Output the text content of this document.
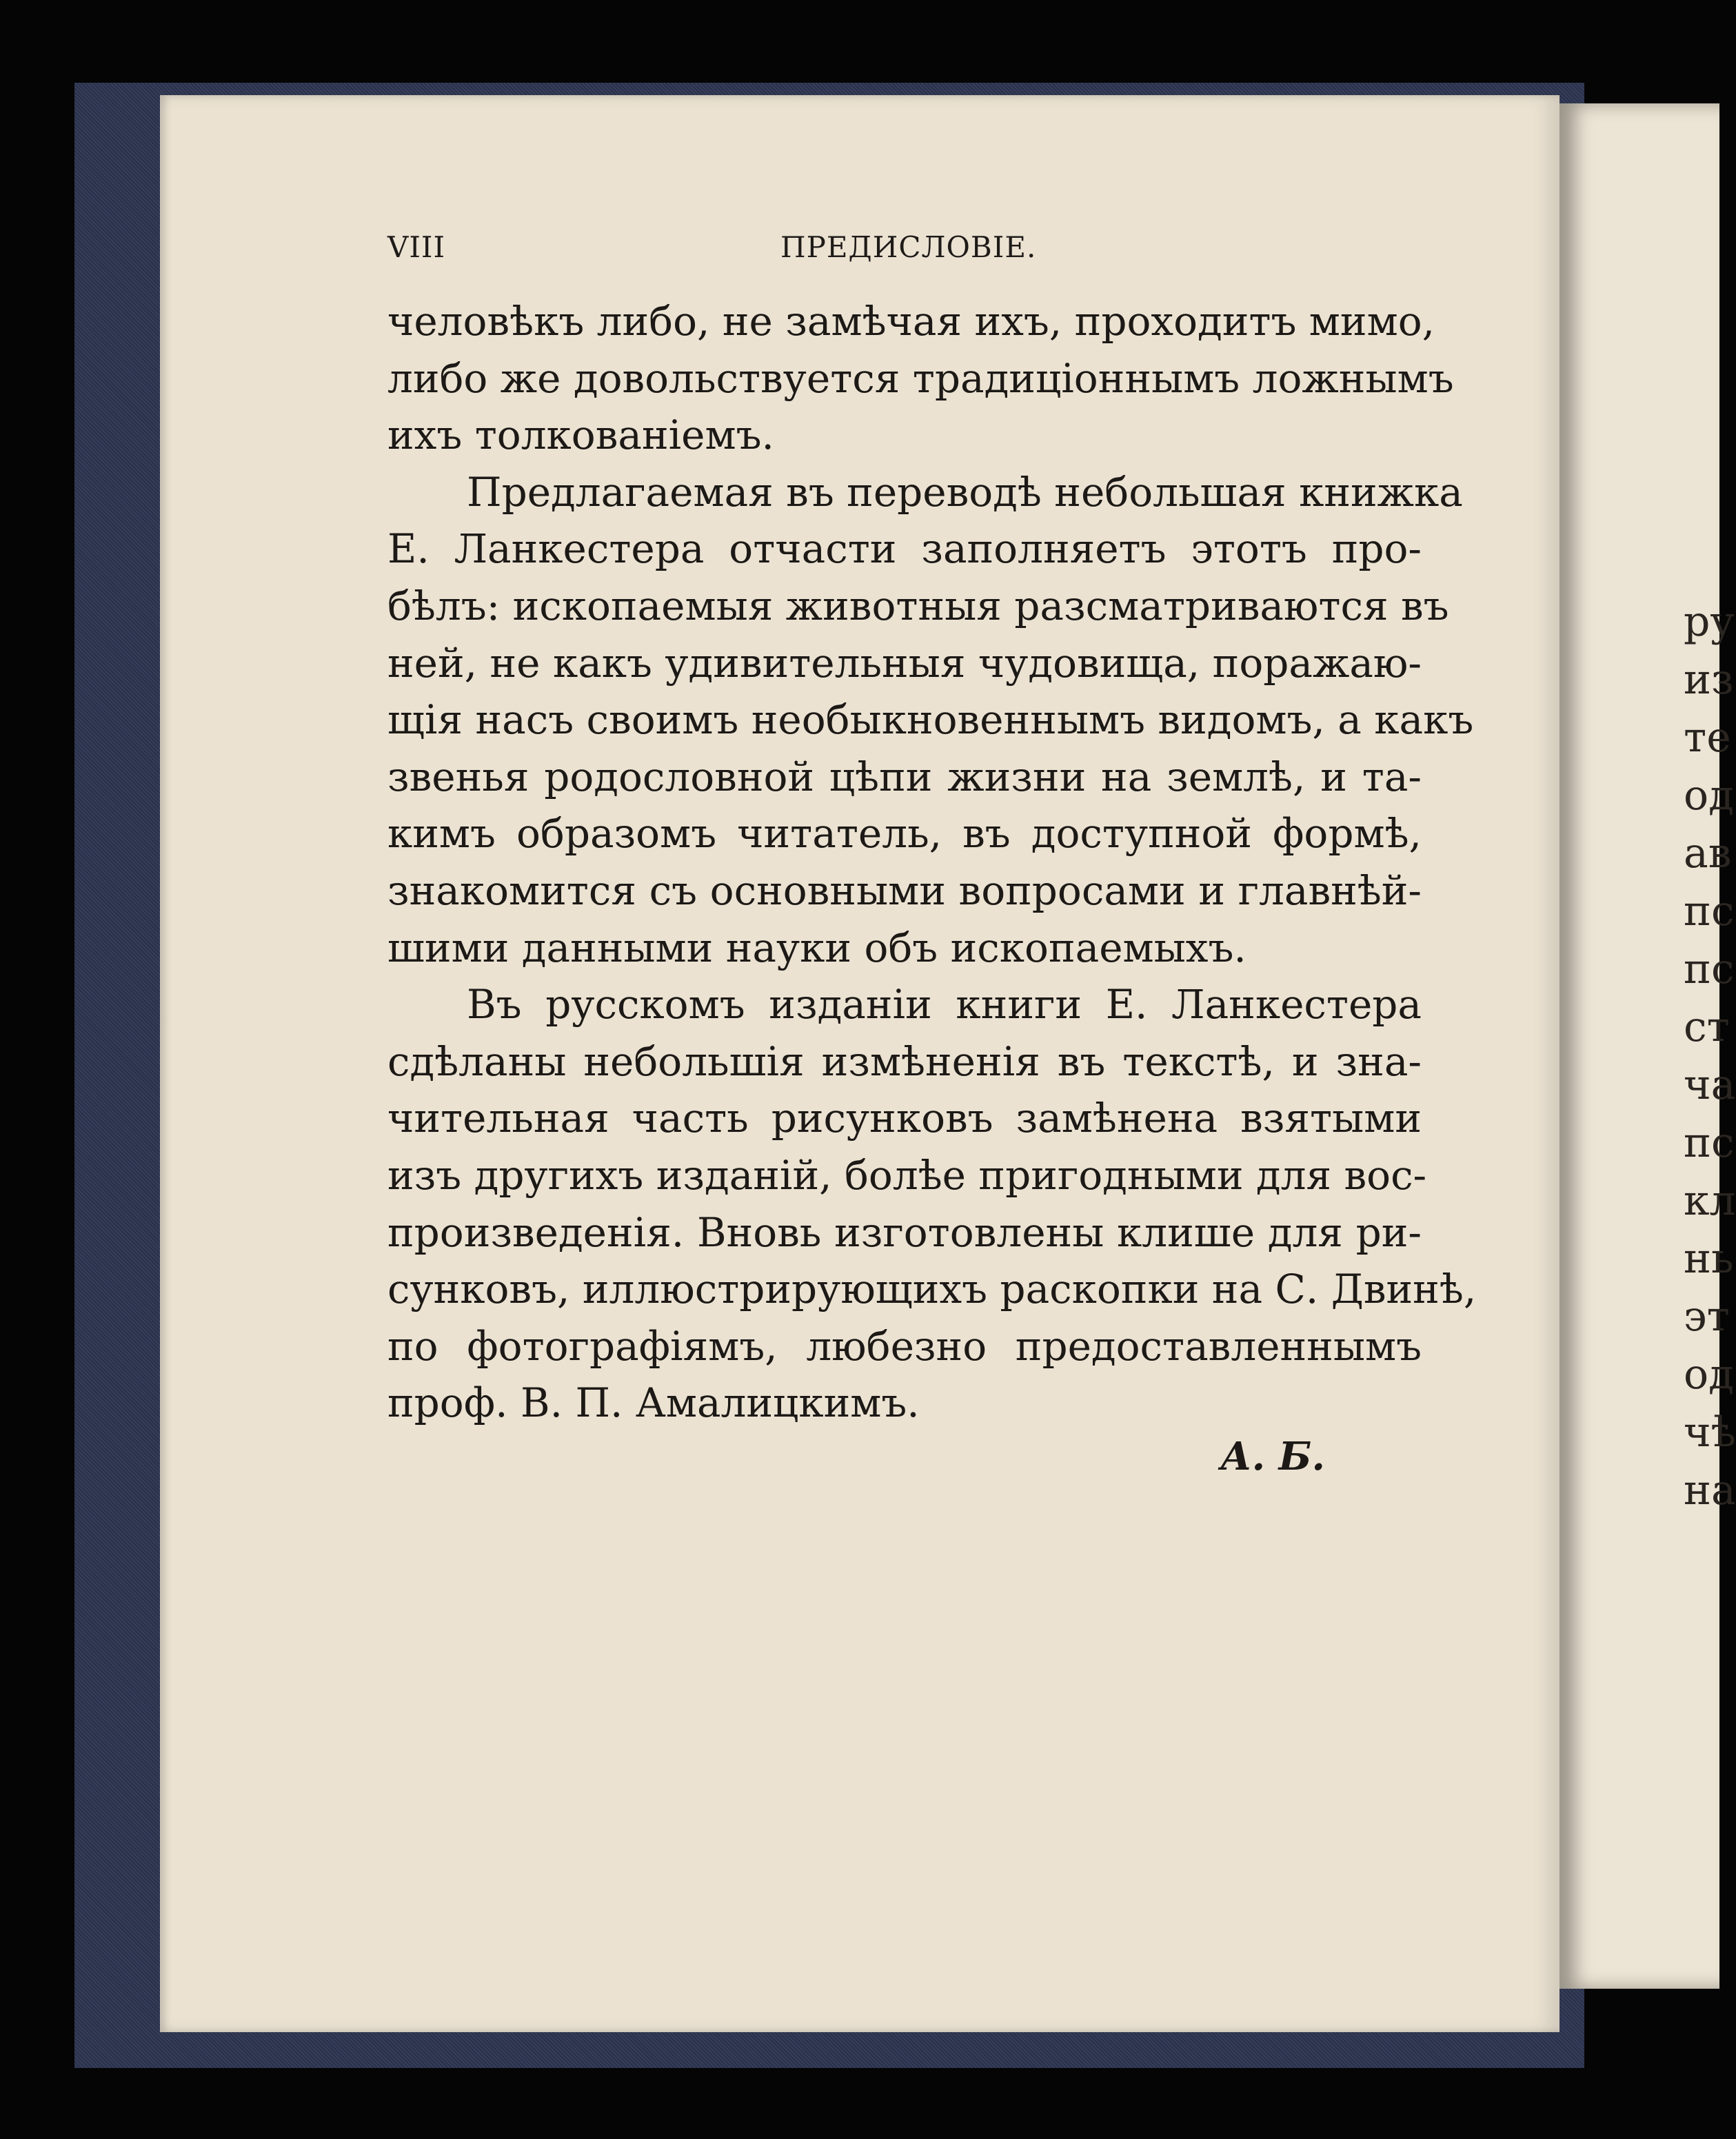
ру
из
те
од
ав
пс
пс
ст
ча
пс
кл
нь
эт
од
чѣ
на
VIII	ПРЕДИСЛОВІЕ.
человѣкъ либо, не замѣчая ихъ, проходитъ мимо,
либо же довольствуется традиціоннымъ ложнымъ
ихъ толкованіемъ.
Предлагаемая въ переводѣ небольшая книжка
Е. Ланкестера отчасти заполняетъ этотъ про-
бѣлъ: ископаемыя животныя разсматриваются въ
ней, не какъ удивительныя чудовища, поражаю-
щія насъ своимъ необыкновеннымъ видомъ, а какъ
звенья родословной цѣпи жизни на землѣ, и та-
кимъ образомъ читатель, въ доступной формѣ,
знакомится съ основными вопросами и главнѣй-
шими данными науки объ ископаемыхъ.
Въ русскомъ изданіи книги Е. Ланкестера
сдѣланы небольшія измѣненія въ текстѣ, и зна-
чительная часть рисунковъ замѣнена взятыми
изъ другихъ изданій, болѣе пригодными для вос-
произведенія. Вновь изготовлены клише для ри-
сунковъ, иллюстрирующихъ раскопки на С. Двинѣ,
по фотографіямъ, любезно предоставленнымъ
проф. В. П. Амалицкимъ.
А. Б.
